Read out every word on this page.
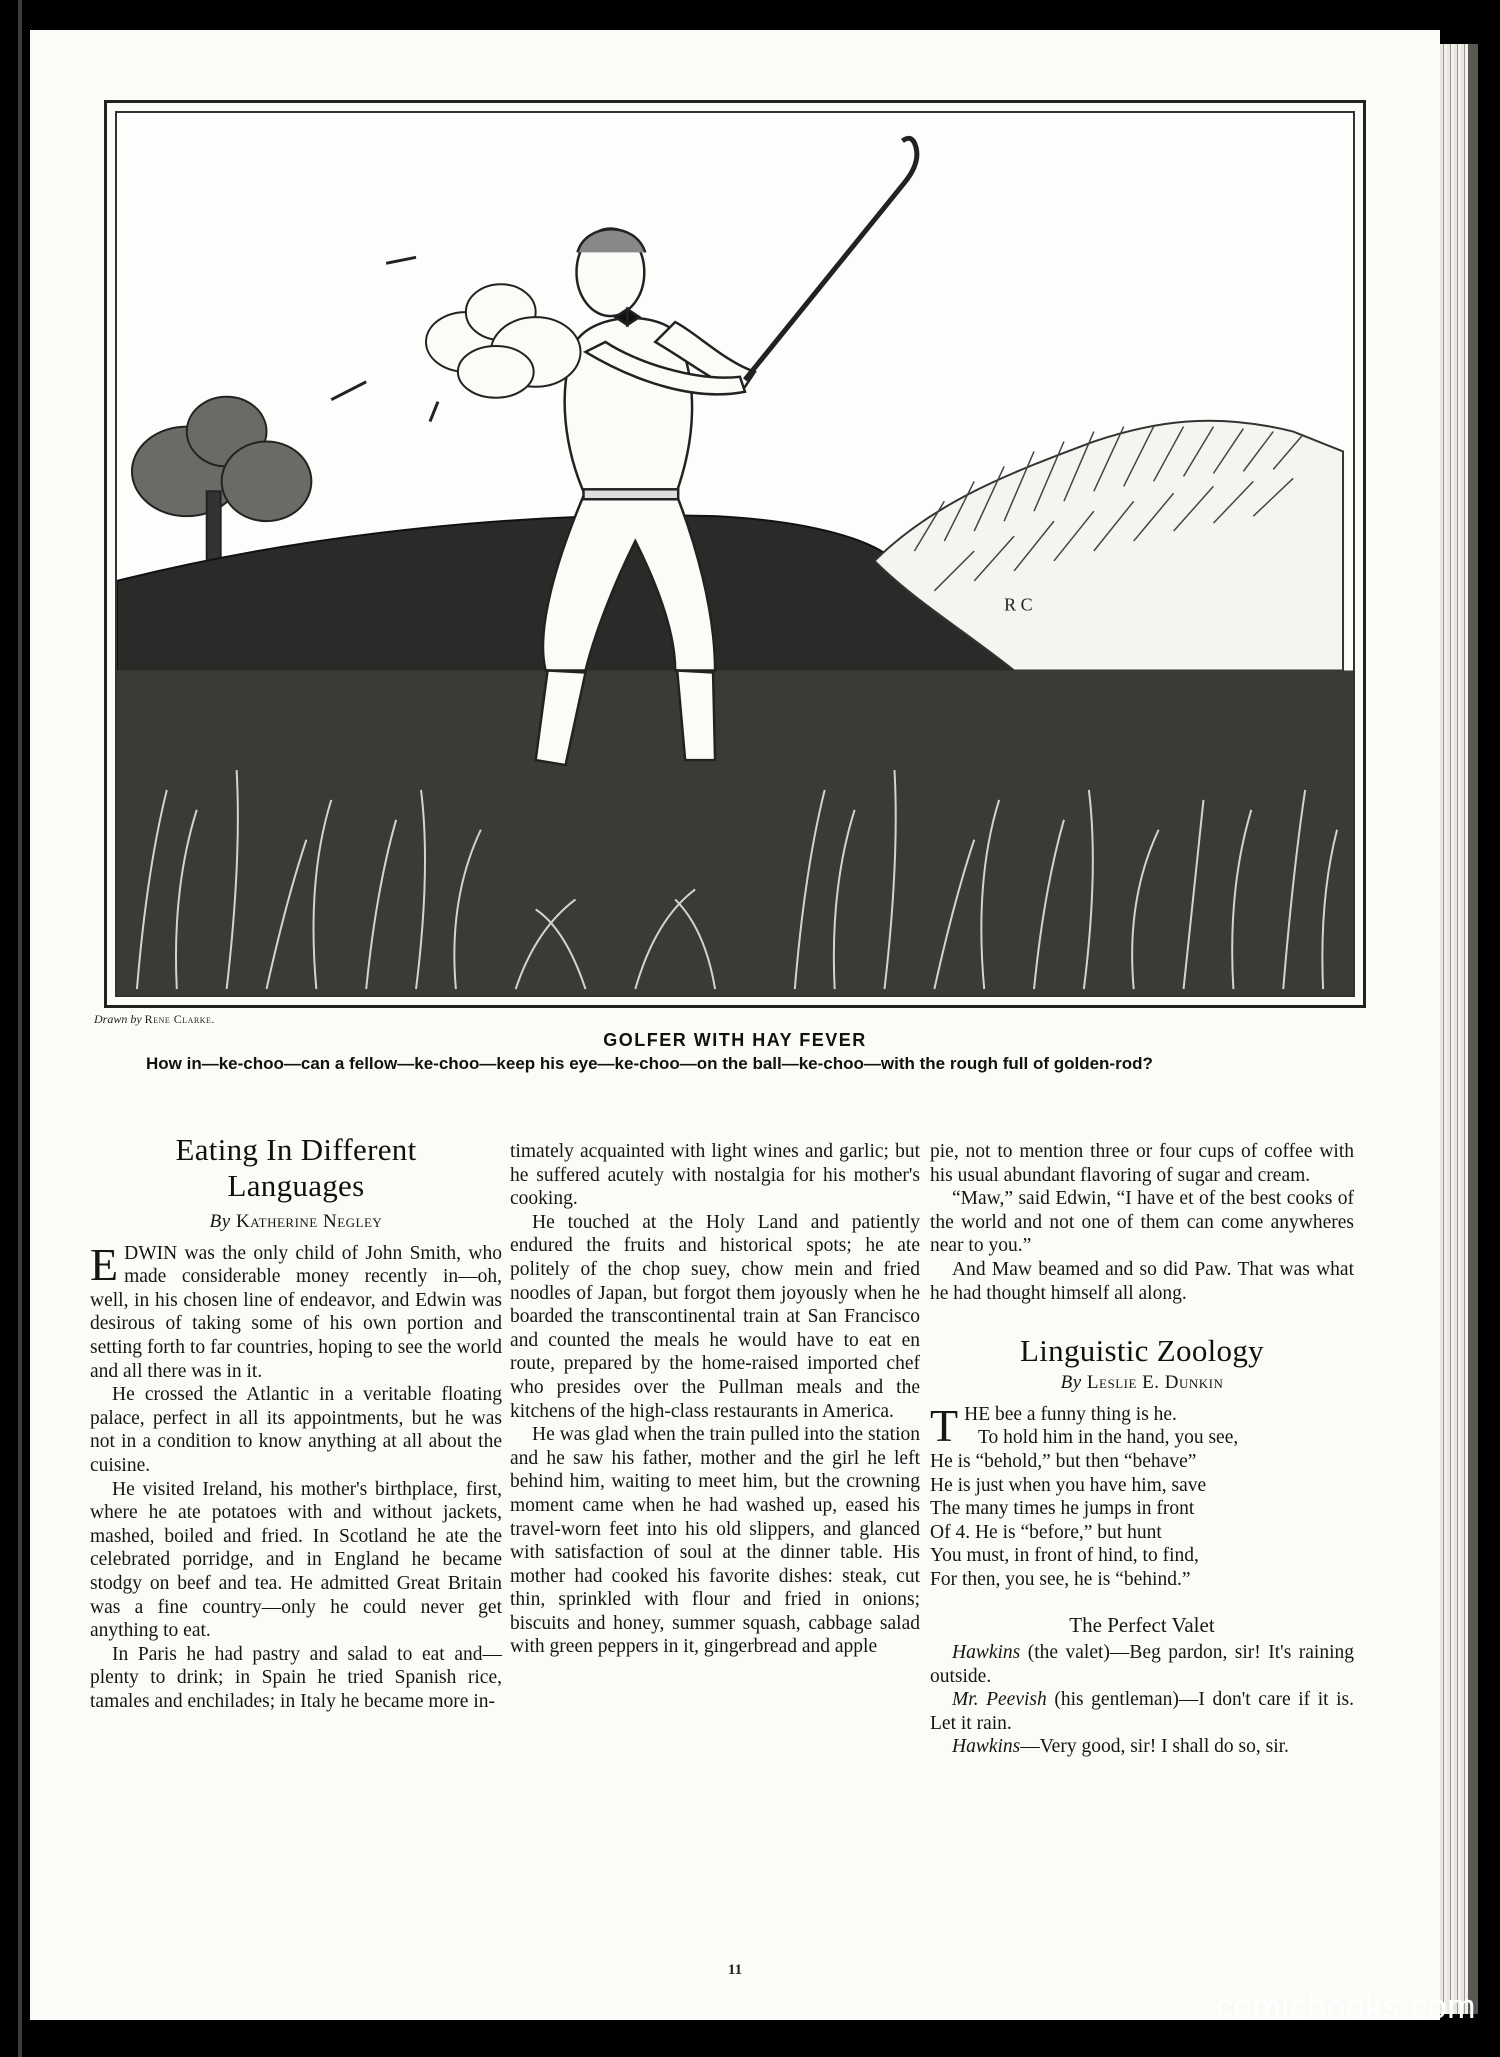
R C
Drawn by Rene Clarke.
GOLFER WITH HAY FEVER
How in—ke-choo—can a fellow—ke-choo—keep his eye—ke-choo—on the ball—ke-choo—with the rough full of golden-rod?
Eating In Different
Languages
By Katherine Negley

EDWIN was the only child of John Smith, who made considerable money recently in—oh, well, in his chosen line of endeavor, and Edwin was desirous of taking some of his own portion and setting forth to far countries, hoping to see the world and all there was in it.

He crossed the Atlantic in a veritable floating palace, perfect in all its appointments, but he was not in a condition to know anything at all about the cuisine.

He visited Ireland, his mother's birthplace, first, where he ate potatoes with and without jackets, mashed, boiled and fried. In Scotland he ate the celebrated porridge, and in England he became stodgy on beef and tea. He admitted Great Britain was a fine country—only he could never get anything to eat.

In Paris he had pastry and salad to eat and—plenty to drink; in Spain he tried Spanish rice, tamales and enchilades; in Italy he became more in-

timately acquainted with light wines and garlic; but he suffered acutely with nostalgia for his mother's cooking.

He touched at the Holy Land and patiently endured the fruits and historical spots; he ate politely of the chop suey, chow mein and fried noodles of Japan, but forgot them joyously when he boarded the transcontinental train at San Francisco and counted the meals he would have to eat en route, prepared by the home-raised imported chef who presides over the Pullman meals and the kitchens of the high-class restaurants in America.

He was glad when the train pulled into the station and he saw his father, mother and the girl he left behind him, waiting to meet him, but the crowning moment came when he had washed up, eased his travel-worn feet into his old slippers, and glanced with satisfaction of soul at the dinner table. His mother had cooked his favorite dishes: steak, cut thin, sprinkled with flour and fried in onions; biscuits and honey, summer squash, cabbage salad with green peppers in it, gingerbread and apple

pie, not to mention three or four cups of coffee with his usual abundant flavoring of sugar and cream.

“Maw,” said Edwin, “I have et of the best cooks of the world and not one of them can come anywheres near to you.”

And Maw beamed and so did Paw. That was what he had thought himself all along.

Linguistic Zoology
By Leslie E. Dunkin

THE bee a funny thing is he.

To hold him in the hand, you see,

He is “behold,” but then “behave”

He is just when you have him, save

The many times he jumps in front

Of 4. He is “before,” but hunt

You must, in front of hind, to find,

For then, you see, he is “behind.”

The Perfect Valet

Hawkins (the valet)—Beg pardon, sir! It's raining outside.

Mr. Peevish (his gentleman)—I don't care if it is. Let it rain.

Hawkins—Very good, sir! I shall do so, sir.

11
comicbooks.com
